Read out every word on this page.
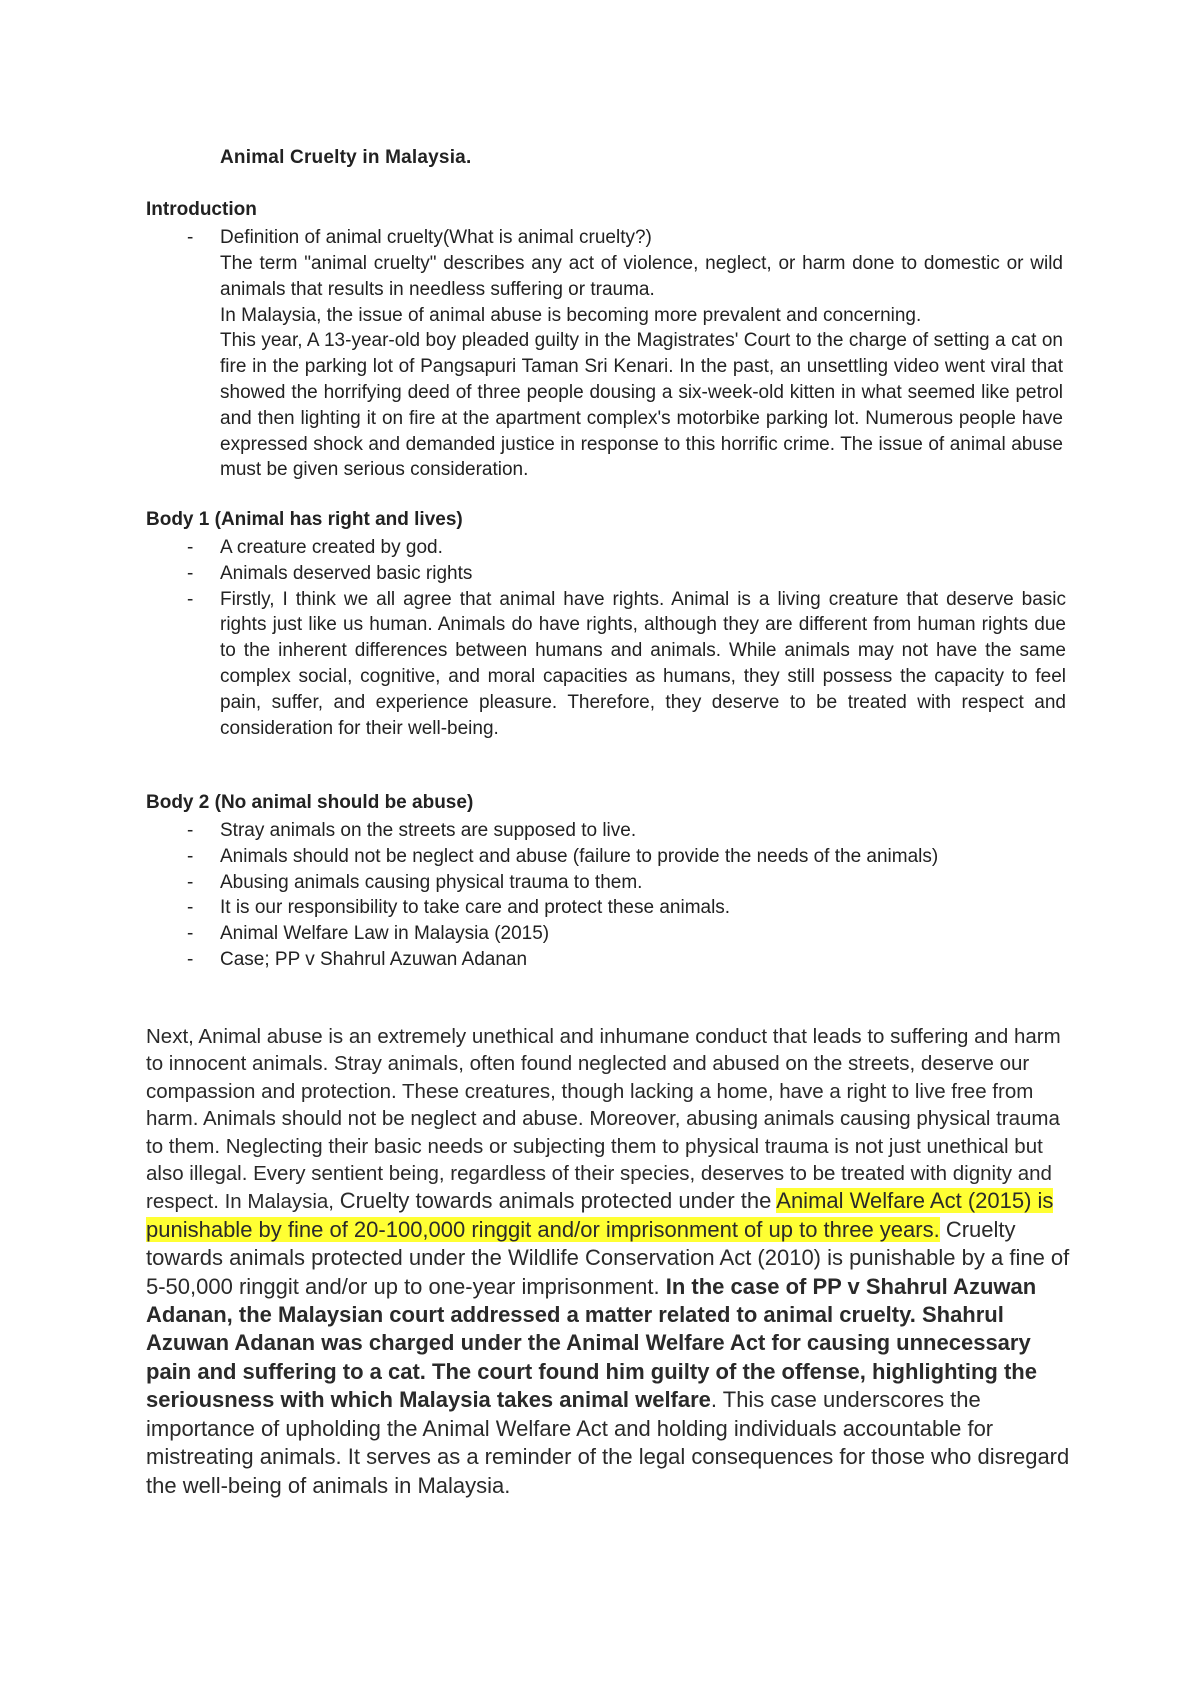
Animal Cruelty in Malaysia.
Introduction
- Definition of animal cruelty(What is animal cruelty?)

The term "animal cruelty" describes any act of violence, neglect, or harm done to domestic or wild animals that results in needless suffering or trauma.

In Malaysia, the issue of animal abuse is becoming more prevalent and concerning.

This year, A 13-year-old boy pleaded guilty in the Magistrates' Court to the charge of setting a cat on fire in the parking lot of Pangsapuri Taman Sri Kenari. In the past, an unsettling video went viral that showed the horrifying deed of three people dousing a six-week-old kitten in what seemed like petrol and then lighting it on fire at the apartment complex's motorbike parking lot. Numerous people have expressed shock and demanded justice in response to this horrific crime. The issue of animal abuse must be given serious consideration.

Body 1 (Animal has right and lives)
- A creature created by god.
- Animals deserved basic rights
- Firstly, I think we all agree that animal have rights. Animal is a living creature that deserve basic rights just like us human. Animals do have rights, although they are different from human rights due to the inherent differences between humans and animals. While animals may not have the same complex social, cognitive, and moral capacities as humans, they still possess the capacity to feel pain, suffer, and experience pleasure. Therefore, they deserve to be treated with respect and consideration for their well-being.
Body 2 (No animal should be abuse)
- Stray animals on the streets are supposed to live.
- Animals should not be neglect and abuse (failure to provide the needs of the animals)
- Abusing animals causing physical trauma to them.
- It is our responsibility to take care and protect these animals.
- Animal Welfare Law in Malaysia (2015)
- Case; PP v Shahrul Azuwan Adanan
Next, Animal abuse is an extremely unethical and inhumane conduct that leads to suffering and harm to innocent animals. Stray animals, often found neglected and abused on the streets, deserve our compassion and protection. These creatures, though lacking a home, have a right to live free from harm. Animals should not be neglect and abuse. Moreover, abusing animals causing physical trauma to them. Neglecting their basic needs or subjecting them to physical trauma is not just unethical but also illegal. Every sentient being, regardless of their species, deserves to be treated with dignity and respect. In Malaysia, Cruelty towards animals protected under the Animal Welfare Act (2015) is punishable by fine of 20-100,000 ringgit and/or imprisonment of up to three years. Cruelty towards animals protected under the Wildlife Conservation Act (2010) is punishable by a fine of 5-50,000 ringgit and/or up to one-year imprisonment. In the case of PP v Shahrul Azuwan Adanan, the Malaysian court addressed a matter related to animal cruelty. Shahrul Azuwan Adanan was charged under the Animal Welfare Act for causing unnecessary pain and suffering to a cat. The court found him guilty of the offense, highlighting the seriousness with which Malaysia takes animal welfare. This case underscores the importance of upholding the Animal Welfare Act and holding individuals accountable for mistreating animals. It serves as a reminder of the legal consequences for those who disregard the well-being of animals in Malaysia.
